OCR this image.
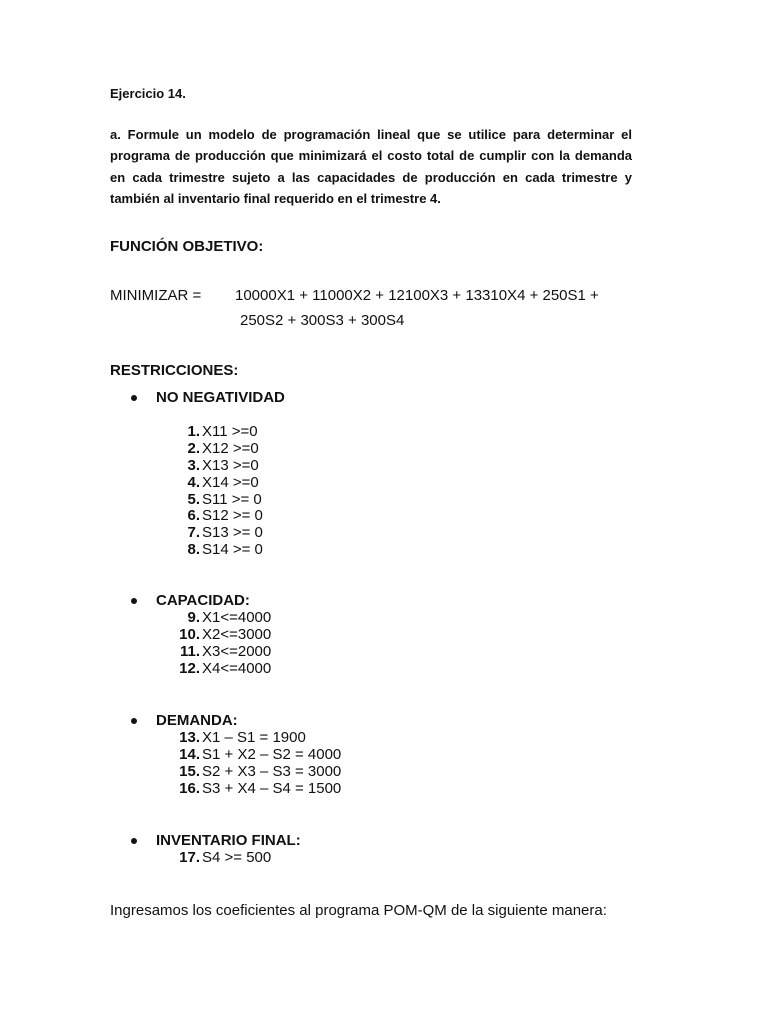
Ejercicio 14.

a. Formule un modelo de programación lineal que se utilice para determinar el programa de producción que minimizará el costo total de cumplir con la demanda en cada trimestre sujeto a las capacidades de producción en cada trimestre y también al inventario final requerido en el trimestre 4.

FUNCIÓN OBJETIVO:
MINIMIZAR = 10000X1 + 11000X2 + 12100X3 + 13310X4 + 250S1 +
250S2 + 300S3 + 300S4
RESTRICCIONES:
NO NEGATIVIDAD
1. X11 >=0
2. X12 >=0
3. X13 >=0
4. X14 >=0
5. S11 >= 0
6. S12 >= 0
7. S13 >= 0
8. S14 >= 0
CAPACIDAD:
9. X1<=4000
10. X2<=3000
11. X3<=2000
12. X4<=4000
DEMANDA:
13. X1 – S1 = 1900
14. S1 + X2 – S2 = 4000
15. S2 + X3 – S3 = 3000
16. S3 + X4 – S4 = 1500
INVENTARIO FINAL:
17. S4 >= 500
Ingresamos los coeficientes al programa POM-QM de la siguiente manera:
